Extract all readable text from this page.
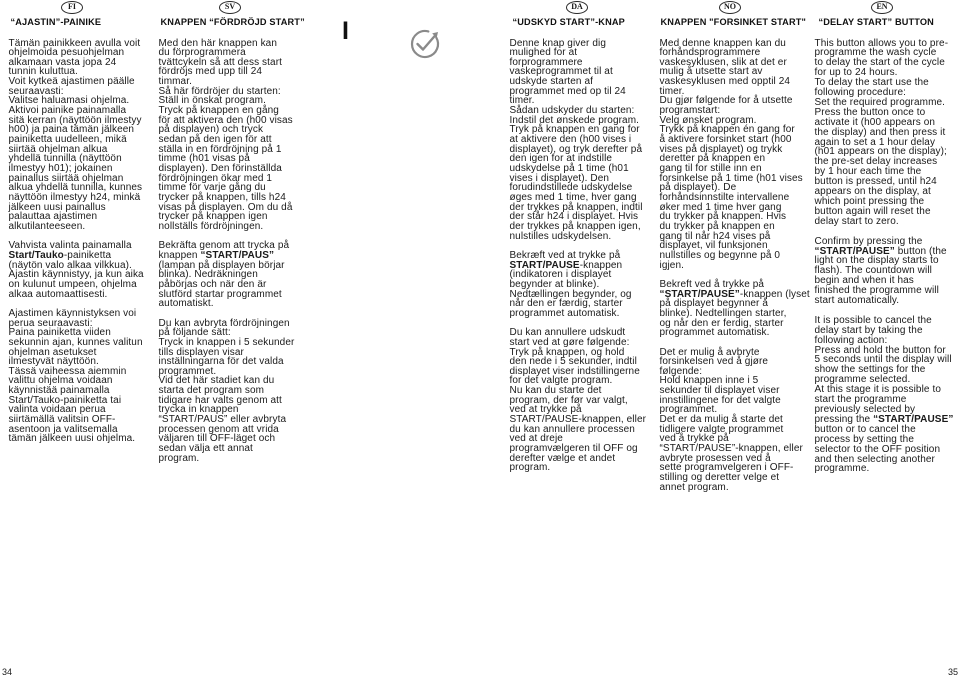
FI
“AJASTIN”-PAINIKE
Tämän painikkeen avulla voit
ohjelmoida pesuohjelman
alkamaan vasta jopa 24
tunnin kuluttua.
Voit kytkeä ajastimen päälle
seuraavasti:
Valitse haluamasi ohjelma.
Aktivoi painike painamalla
sitä kerran (näyttöön ilmestyy
h00) ja paina tämän jälkeen
painiketta uudelleen, mikä
siirtää ohjelman alkua
yhdellä tunnilla (näyttöön
ilmestyy h01); jokainen
painallus siirtää ohjelman
alkua yhdellä tunnilla, kunnes
näyttöön ilmestyy h24, minkä
jälkeen uusi painallus
palauttaa ajastimen
alkutilanteeseen.
Vahvista valinta painamalla
Start/Tauko-painiketta
(näytön valo alkaa vilkkua).
Ajastin käynnistyy, ja kun aika
on kulunut umpeen, ohjelma
alkaa automaattisesti.
Ajastimen käynnistyksen voi
perua seuraavasti:
Paina painiketta viiden
sekunnin ajan, kunnes valitun
ohjelman asetukset
ilmestyvät näyttöön.
Tässä vaiheessa aiemmin
valittu ohjelma voidaan
käynnistää painamalla
Start/Tauko-painiketta tai
valinta voidaan perua
siirtämällä valitsin OFF-
asentoon ja valitsemalla
tämän jälkeen uusi ohjelma.
SV
KNAPPEN “FÖRDRÖJD START”
Med den här knappen kan
du förprogrammera
tvättcykeln så att dess start
fördröjs med upp till 24
timmar.
Så här fördröjer du starten:
Ställ in önskat program.
Tryck på knappen en gång
för att aktivera den (h00 visas
på displayen) och tryck
sedan på den igen för att
ställa in en fördröjning på 1
timme (h01 visas på
displayen). Den förinställda
fördröjningen ökar med 1
timme för varje gång du
trycker på knappen, tills h24
visas på displayen. Om du då
trycker på knappen igen
nollställs fördröjningen.
Bekräfta genom att trycka på
knappen “START/PAUS”
(lampan på displayen börjar
blinka). Nedräkningen
påbörjas och när den är
slutförd startar programmet
automatiskt.
Du kan avbryta fördröjningen
på följande sätt:
Tryck in knappen i 5 sekunder
tills displayen visar
inställningarna för det valda
programmet.
Vid det här stadiet kan du
starta det program som
tidigare har valts genom att
trycka in knappen
“START/PAUS” eller avbryta
processen genom att vrida
väljaren till OFF-läget och
sedan välja ett annat
program.
I
DA
“UDSKYD START”-KNAP
Denne knap giver dig
mulighed for at
forprogrammere
vaskeprogrammet til at
udskyde starten af
programmet med op til 24
timer.
Sådan udskyder du starten:
Indstil det ønskede program.
Tryk på knappen en gang for
at aktivere den (h00 vises i
displayet), og tryk derefter på
den igen for at indstille
udskydelse på 1 time (h01
vises i displayet). Den
forudindstillede udskydelse
øges med 1 time, hver gang
der trykkes på knappen, indtil
der står h24 i displayet. Hvis
der trykkes på knappen igen,
nulstilles udskydelsen.
Bekræft ved at trykke på
START/PAUSE-knappen
(indikatoren i displayet
begynder at blinke).
Nedtællingen begynder, og
når den er færdig, starter
programmet automatisk.
Du kan annullere udskudt
start ved at gøre følgende:
Tryk på knappen, og hold
den nede i 5 sekunder, indtil
displayet viser indstillingerne
for det valgte program.
Nu kan du starte det
program, der før var valgt,
ved at trykke på
START/PAUSE-knappen, eller
du kan annullere processen
ved at dreje
programvælgeren til OFF og
derefter vælge et andet
program.
NO
KNAPPEN "FORSINKET START"
Med denne knappen kan du
forhåndsprogrammere
vaskesyklusen, slik at det er
mulig å utsette start av
vaskesyklusen med opptil 24
timer.
Du gjør følgende for å utsette
programstart:
Velg ønsket program.
Trykk på knappen én gang for
å aktivere forsinket start (h00
vises på displayet) og trykk
deretter på knappen en
gang til for stille inn en
forsinkelse på 1 time (h01 vises
på displayet). De
forhåndsinnstilte intervallene
øker med 1 time hver gang
du trykker på knappen. Hvis
du trykker på knappen en
gang til når h24 vises på
displayet, vil funksjonen
nullstilles og begynne på 0
igjen.
Bekreft ved å trykke på
“START/PAUSE”-knappen (lyset
på displayet begynner å
blinke). Nedtellingen starter,
og når den er ferdig, starter
programmet automatisk.
Det er mulig å avbryte
forsinkelsen ved å gjøre
følgende:
Hold knappen inne i 5
sekunder til displayet viser
innstillingene for det valgte
programmet.
Det er da mulig å starte det
tidligere valgte programmet
ved å trykke på
“START/PAUSE”-knappen, eller
avbryte prosessen ved å
sette programvelgeren i OFF-
stilling og deretter velge et
annet program.
EN
“DELAY START” BUTTON
This button allows you to pre-
programme the wash cycle
to delay the start of the cycle
for up to 24 hours.
To delay the start use the
following procedure:
Set the required programme.
Press the button once to
activate it (h00 appears on
the display) and then press it
again to set a 1 hour delay
(h01 appears on the display);
the pre-set delay increases
by 1 hour each time the
button is pressed, until h24
appears on the display, at
which point pressing the
button again will reset the
delay start to zero.
Confirm by pressing the
“START/PAUSE” button (the
light on the display starts to
flash). The countdown will
begin and when it has
finished the programme will
start automatically.
It is possible to cancel the
delay start by taking the
following action:
Press and hold the button for
5 seconds until the display will
show the settings for the
programme selected.
At this stage it is possible to
start the programme
previously selected by
pressing the “START/PAUSE”
button or to cancel the
process by setting the
selector to the OFF position
and then selecting another
programme.
34	35
